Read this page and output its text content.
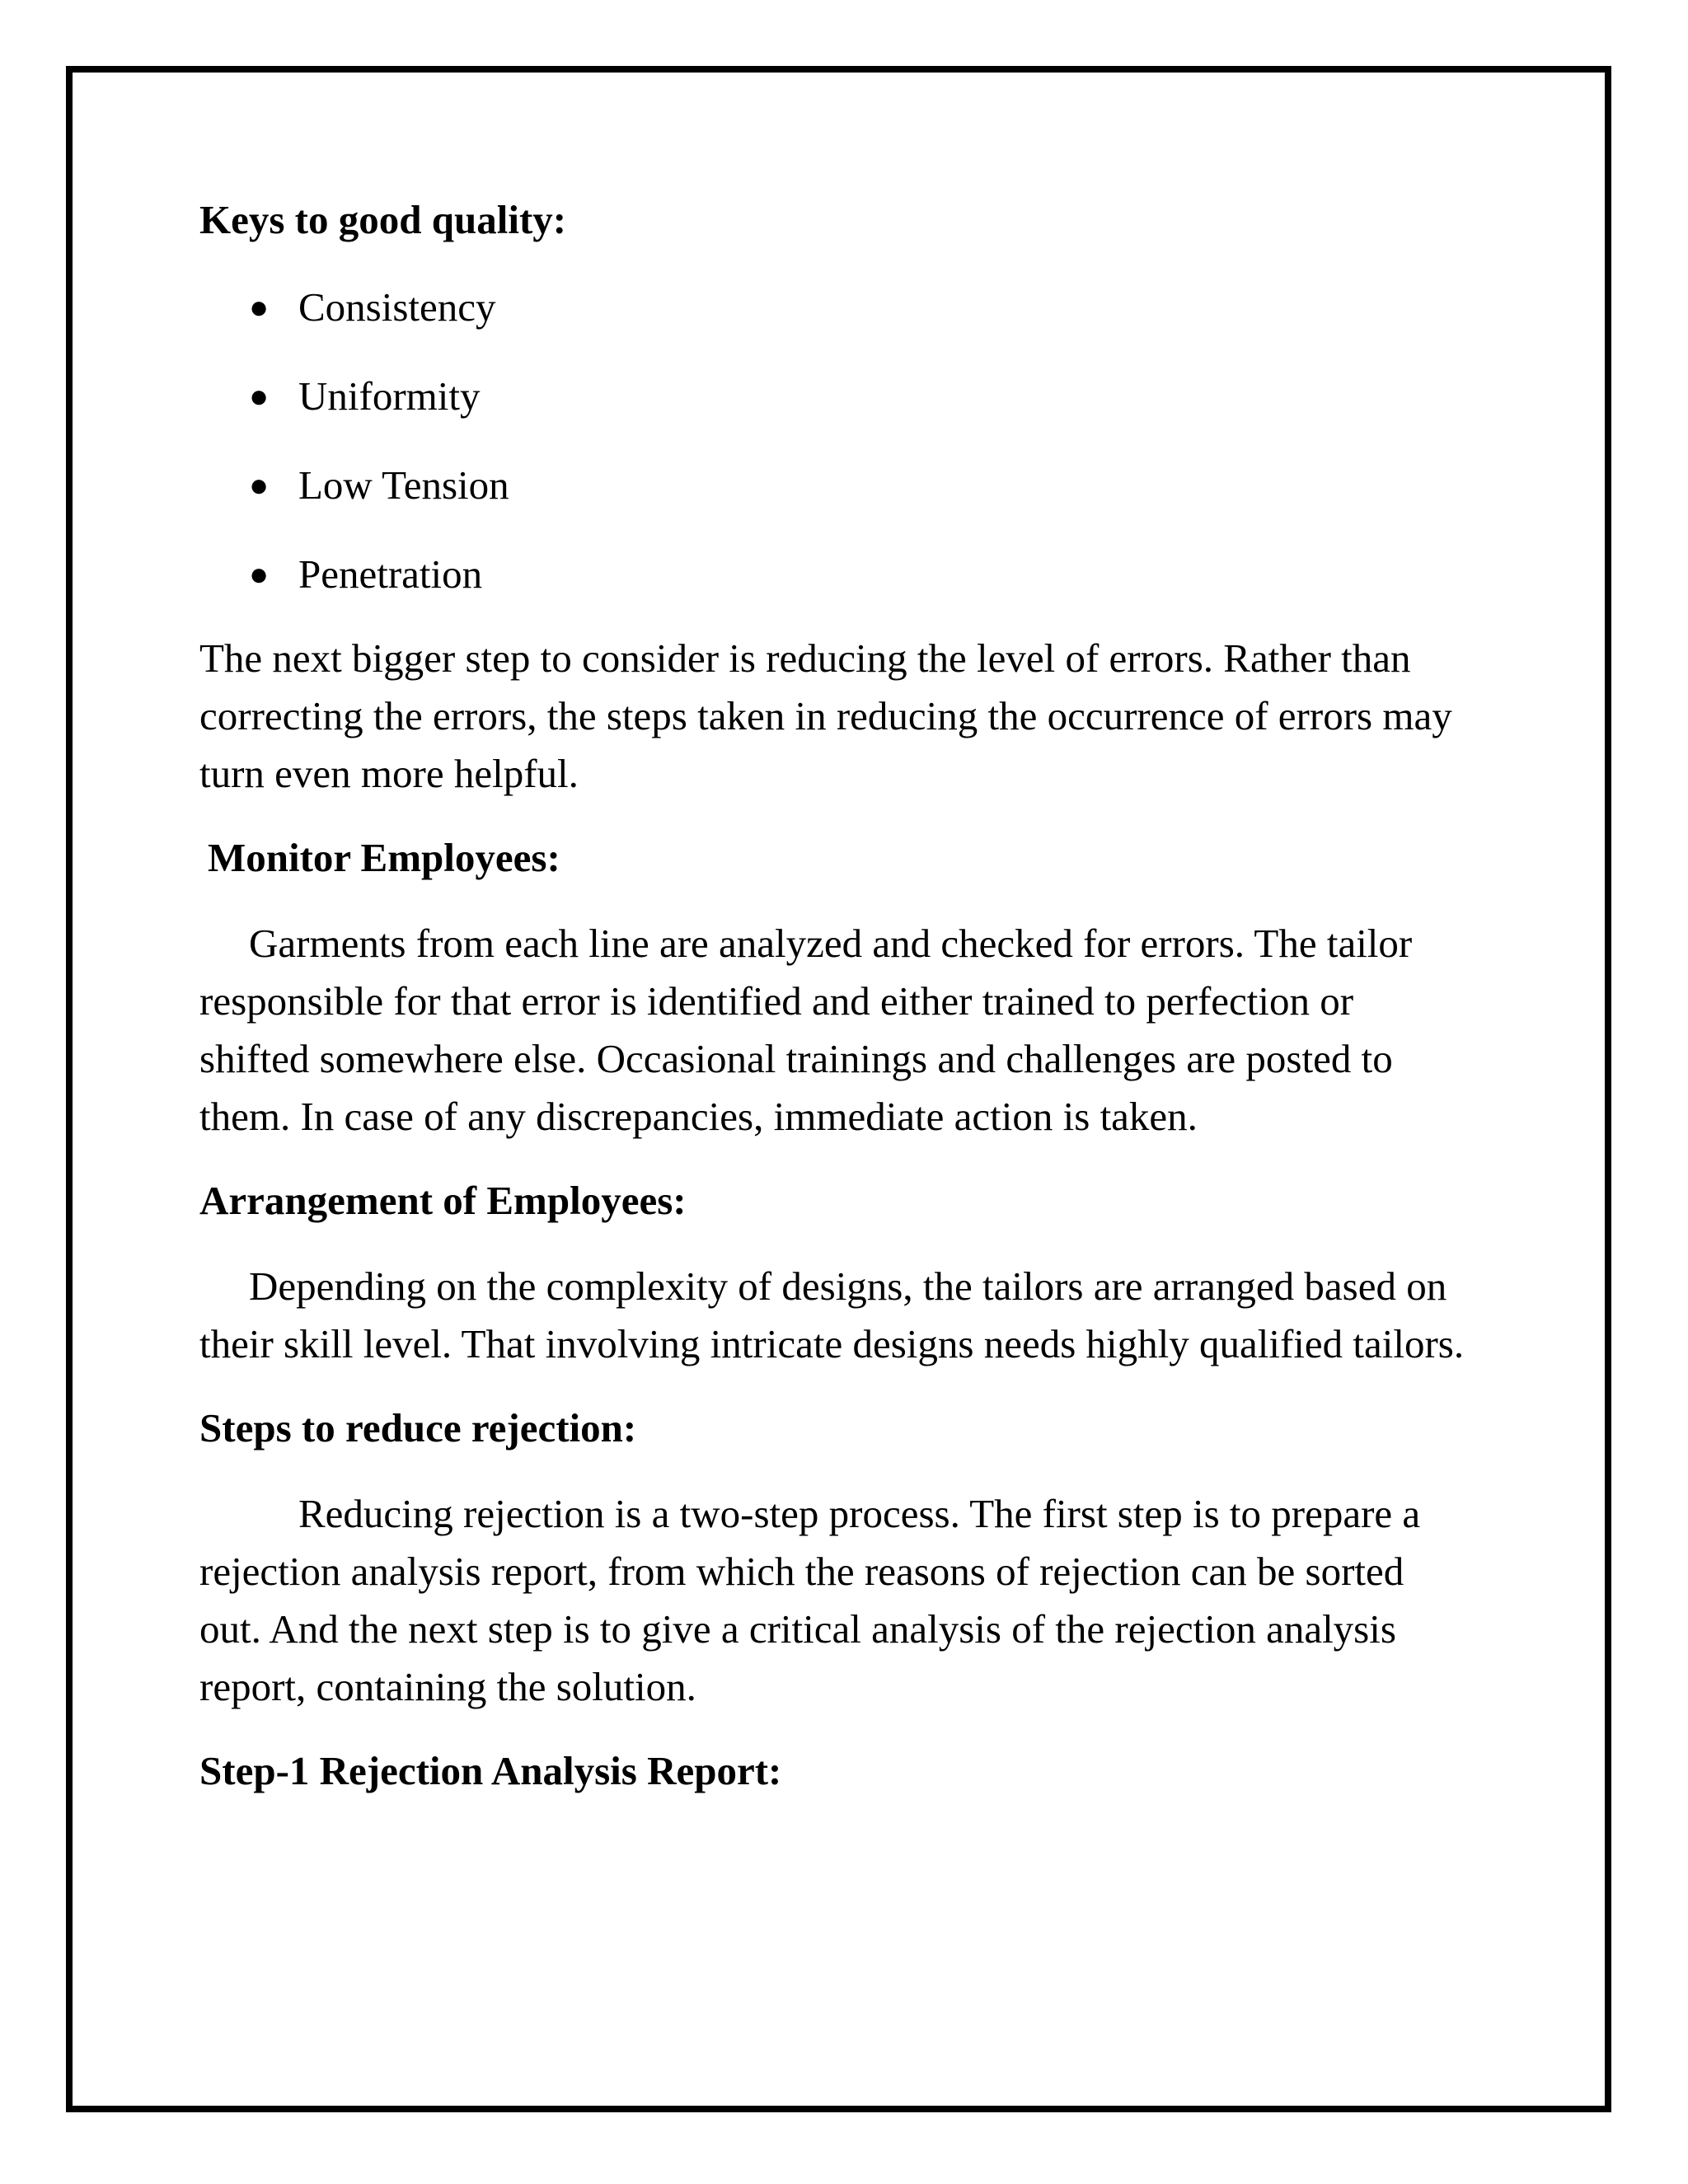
Keys to good quality:

● Consistency
● Uniformity
● Low Tension
● Penetration

The next bigger step to consider is reducing the level of errors. Rather than correcting the errors, the steps taken in reducing the occurrence of errors may turn even more helpful.

Monitor Employees:

Garments from each line are analyzed and checked for errors. The tailor responsible for that error is identified and either trained to perfection or shifted somewhere else. Occasional trainings and challenges are posted to them. In case of any discrepancies, immediate action is taken.

Arrangement of Employees:

Depending on the complexity of designs, the tailors are arranged based on their skill level. That involving intricate designs needs highly qualified tailors.

Steps to reduce rejection:

Reducing rejection is a two-step process. The first step is to prepare a rejection analysis report, from which the reasons of rejection can be sorted out. And the next step is to give a critical analysis of the rejection analysis report, containing the solution.

Step-1 Rejection Analysis Report:
